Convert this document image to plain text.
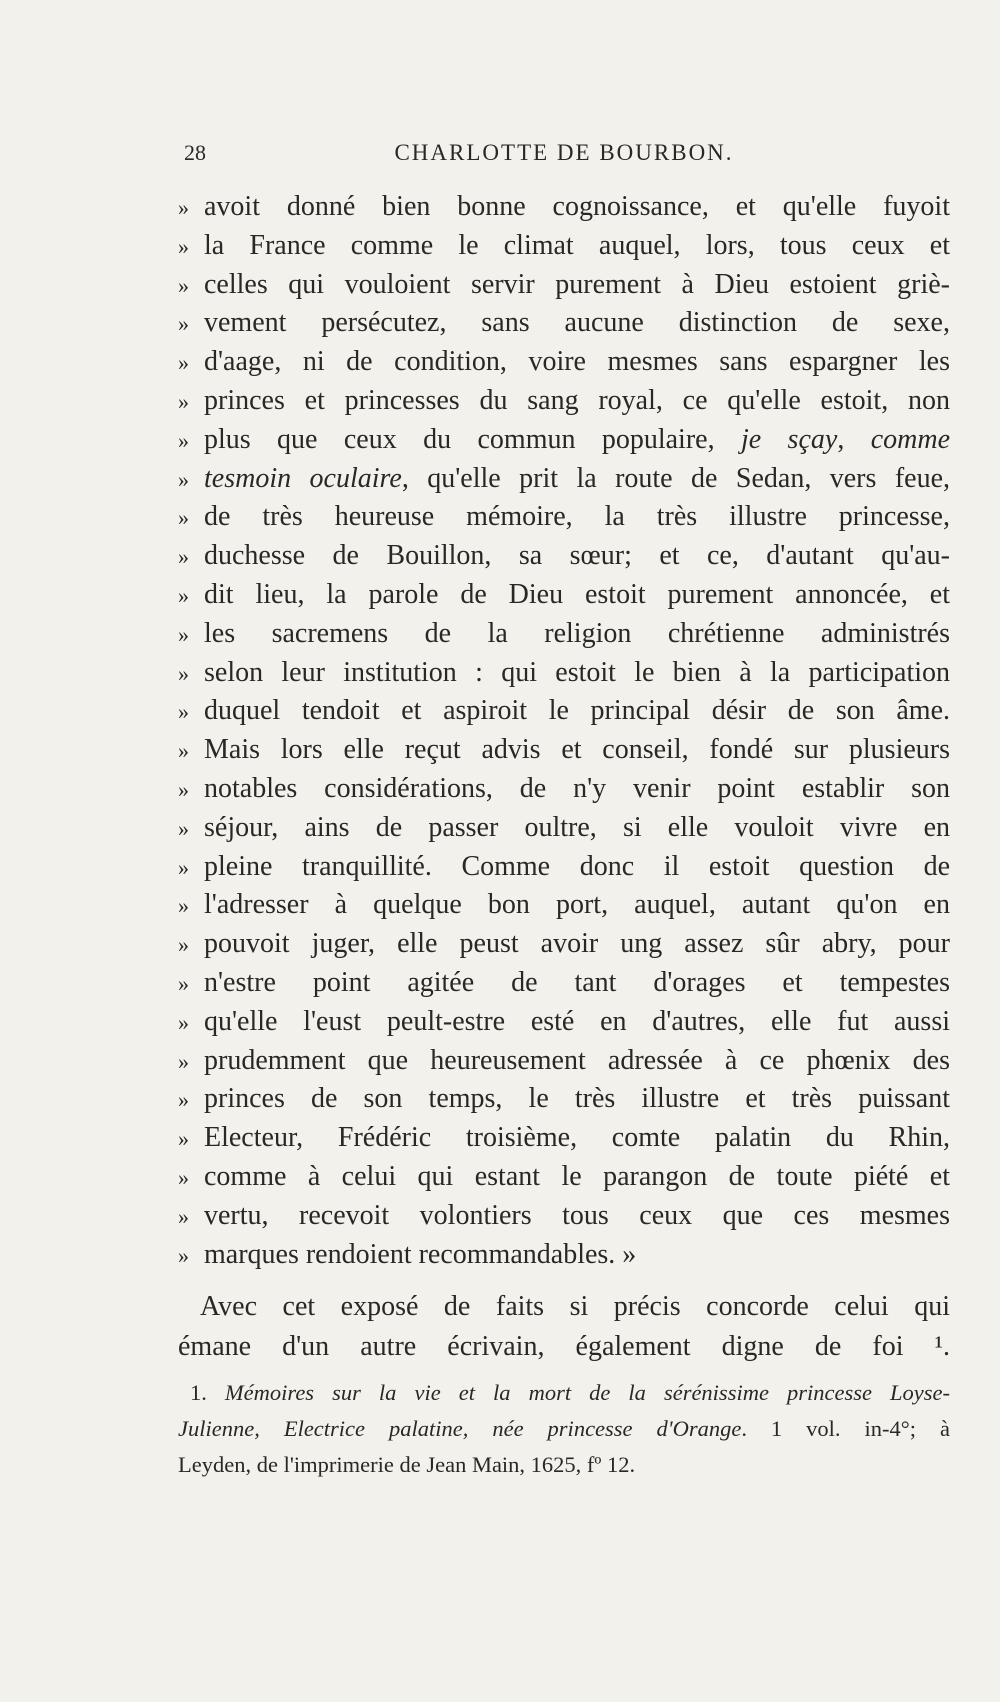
28	CHARLOTTE DE BOURBON.
» avoit donné bien bonne cognoissance, et qu'elle fuyoit
» la France comme le climat auquel, lors, tous ceux et
» celles qui vouloient servir purement à Dieu estoient griè-
» vement persécutez, sans aucune distinction de sexe,
» d'aage, ni de condition, voire mesmes sans espargner les
» princes et princesses du sang royal, ce qu'elle estoit, non
» plus que ceux du commun populaire, je sçay, comme
» tesmoin oculaire, qu'elle prit la route de Sedan, vers feue,
» de très heureuse mémoire, la très illustre princesse,
» duchesse de Bouillon, sa sœur; et ce, d'autant qu'au-
» dit lieu, la parole de Dieu estoit purement annoncée, et
» les sacremens de la religion chrétienne administrés
» selon leur institution : qui estoit le bien à la participation
» duquel tendoit et aspiroit le principal désir de son âme.
» Mais lors elle reçut advis et conseil, fondé sur plusieurs
» notables considérations, de n'y venir point establir son
» séjour, ains de passer oultre, si elle vouloit vivre en
» pleine tranquillité. Comme donc il estoit question de
» l'adresser à quelque bon port, auquel, autant qu'on en
» pouvoit juger, elle peust avoir ung assez sûr abry, pour
» n'estre point agitée de tant d'orages et tempestes
» qu'elle l'eust peult-estre esté en d'autres, elle fut aussi
» prudemment que heureusement adressée à ce phœnix des
» princes de son temps, le très illustre et très puissant
» Electeur, Frédéric troisième, comte palatin du Rhin,
» comme à celui qui estant le parangon de toute piété et
» vertu, recevoit volontiers tous ceux que ces mesmes
» marques rendoient recommandables. »
Avec cet exposé de faits si précis concorde celui qui
émane d'un autre écrivain, également digne de foi ¹.
1. Mémoires sur la vie et la mort de la sérénissime princesse Loyse-
Julienne, Electrice palatine, née princesse d'Orange. 1 vol. in-4°; à
Leyden, de l'imprimerie de Jean Main, 1625, fº 12.
